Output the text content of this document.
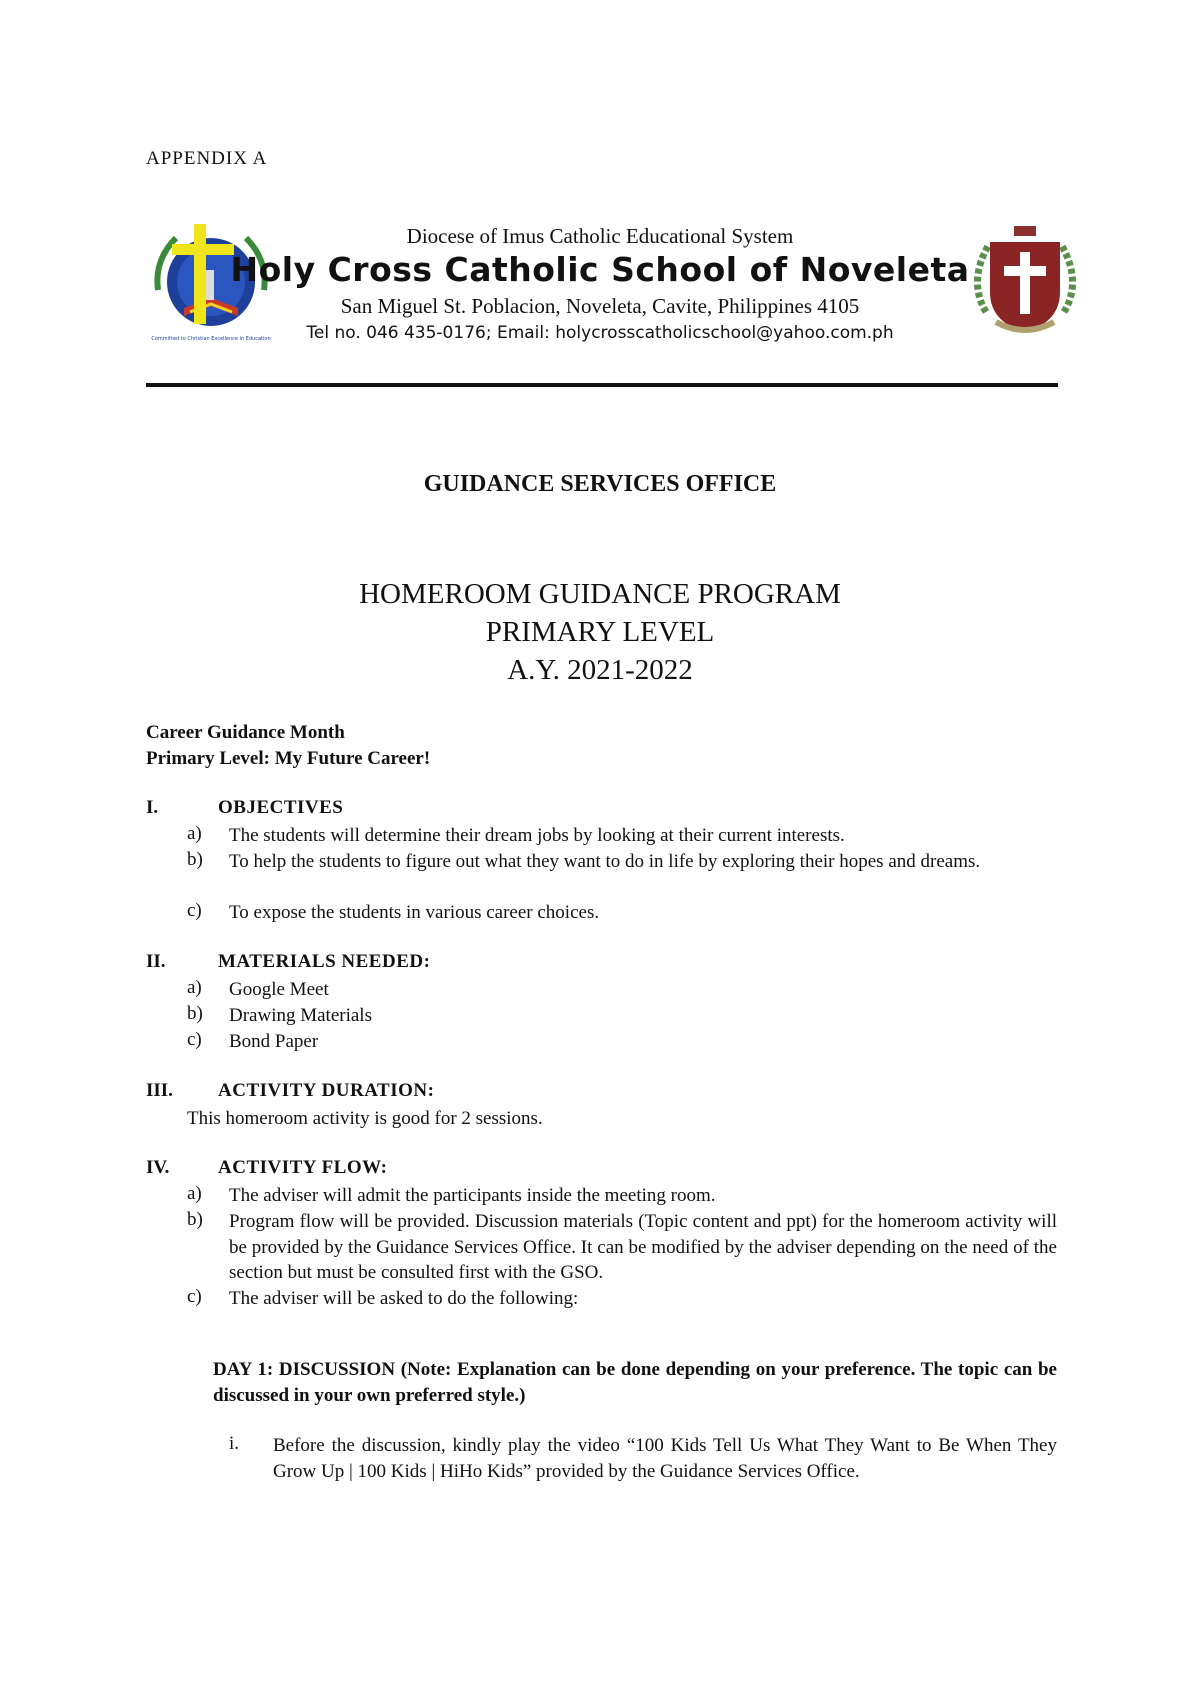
APPENDIX A
Committed to Christian Excellence in Education
Diocese of Imus Catholic Educational System
Holy Cross Catholic School of Noveleta
San Miguel St. Poblacion, Noveleta, Cavite, Philippines 4105
Tel no. 046 435-0176; Email: holycrosscatholicschool@yahoo.com.ph
GUIDANCE SERVICES OFFICE
HOMEROOM GUIDANCE PROGRAM
PRIMARY LEVEL
A.Y. 2021-2022
Career Guidance Month
Primary Level: My Future Career!
I.	OBJECTIVES
a) The students will determine their dream jobs by looking at their current interests.
b) To help the students to figure out what they want to do in life by exploring their hopes and dreams.
c) To expose the students in various career choices.
II.	MATERIALS NEEDED:
a) Google Meet
b) Drawing Materials
c) Bond Paper
III. ACTIVITY DURATION:
This homeroom activity is good for 2 sessions.
IV.	ACTIVITY FLOW:
a) The adviser will admit the participants inside the meeting room.
b) Program flow will be provided. Discussion materials (Topic content and ppt) for the homeroom activity will be provided by the Guidance Services Office. It can be modified by the adviser depending on the need of the section but must be consulted first with the GSO.
c) The adviser will be asked to do the following:
DAY 1: DISCUSSION (Note: Explanation can be done depending on your preference. The topic can be discussed in your own preferred style.)
i. Before the discussion, kindly play the video “100 Kids Tell Us What They Want to Be When They Grow Up | 100 Kids | HiHo Kids” provided by the Guidance Services Office.
